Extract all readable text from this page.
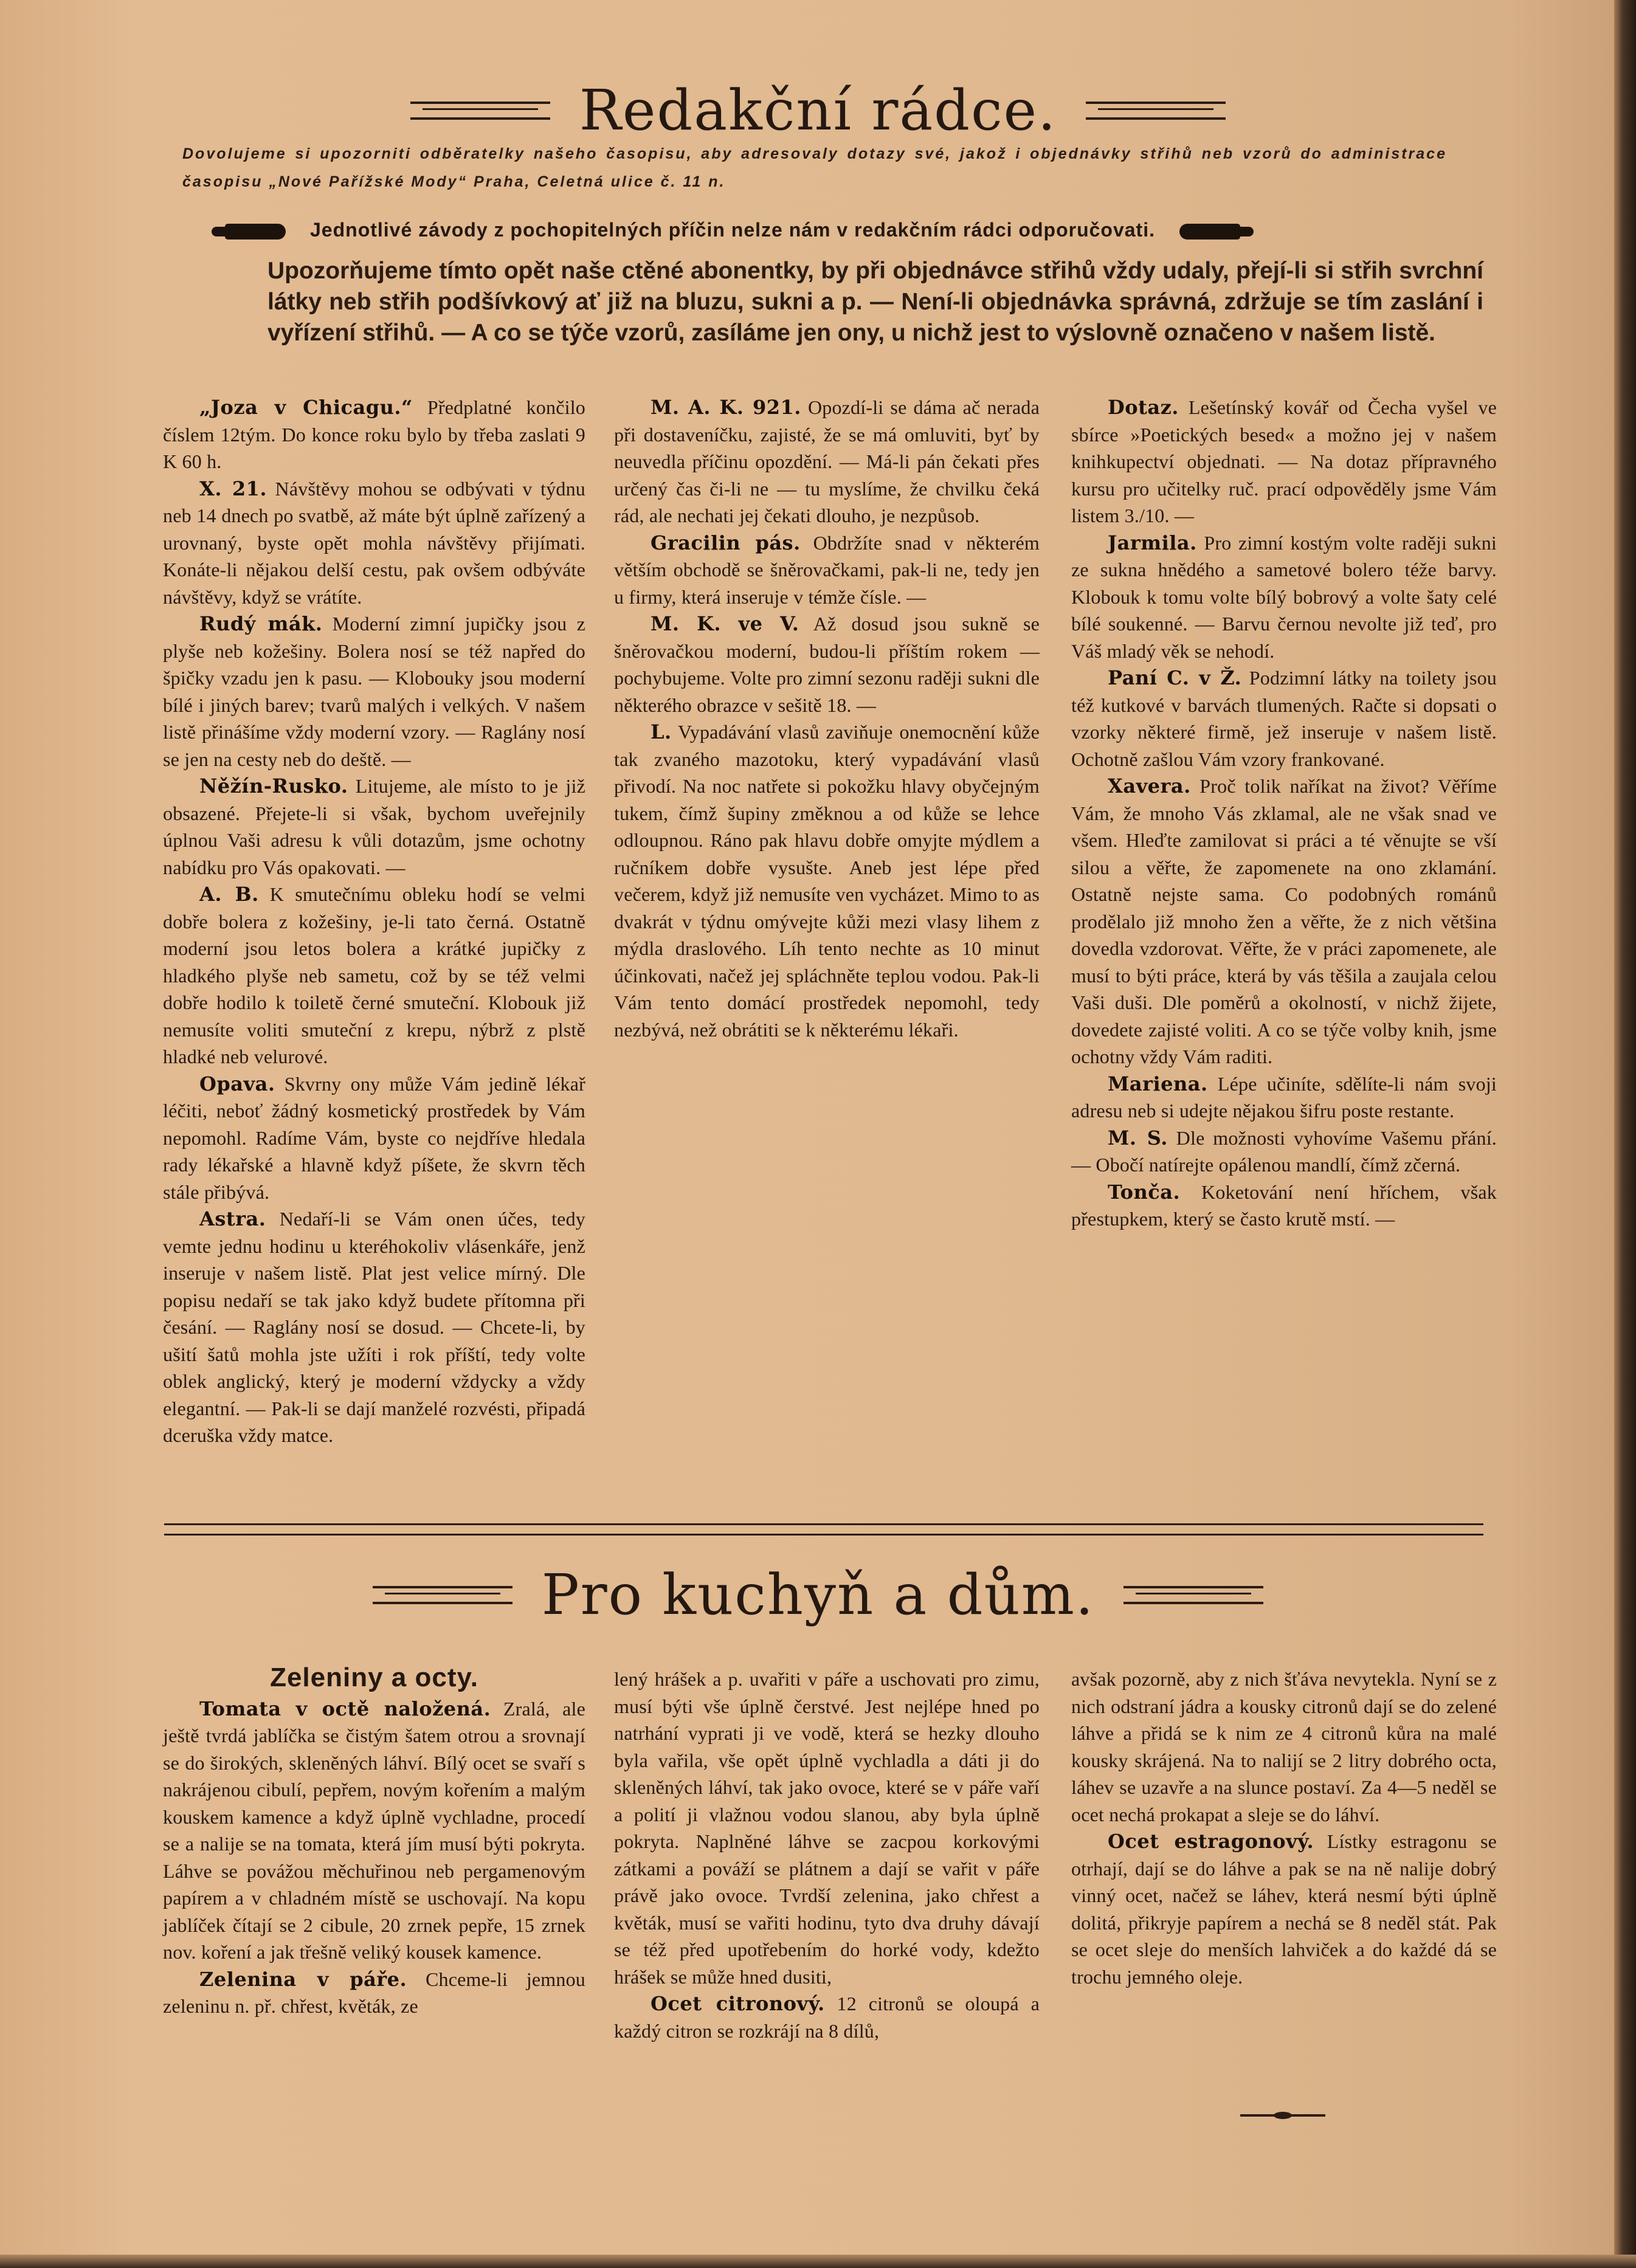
Redakční rádce.
Dovolujeme si upozorniti odběratelky našeho časopisu, aby adresovaly dotazy své, jakož i objednávky střihů neb vzorů do administrace časopisu „Nové Pařížské Mody“ Praha, Celetná ulice č. 11 n.
Jednotlivé závody z pochopitelných příčin nelze nám v redakčním rádci odporučovati.
Upozorňujeme tímto opět naše ctěné abonentky, by při objednávce střihů vždy udaly, přejí-li si střih svrchní látky neb střih podšívkový ať již na bluzu, sukni a p. — Není-li objednávka správná, zdržuje se tím zaslání i vyřízení střihů. — A co se týče vzorů, zasíláme jen ony, u nichž jest to výslovně označeno v našem listě.

„Joza v Chicagu.“ Předplatné končilo číslem 12tým. Do konce roku bylo by třeba zaslati 9 K 60 h.

X. 21. Návštěvy mohou se odbývati v týdnu neb 14 dnech po svatbě, až máte být úplně zařízený a urovnaný, byste opět mohla návštěvy přijímati. Konáte-li nějakou delší cestu, pak ovšem odbýváte návštěvy, když se vrátíte.

Rudý mák. Moderní zimní jupičky jsou z plyše neb kožešiny. Bolera nosí se též napřed do špičky vzadu jen k pasu. — Klobouky jsou moderní bílé i jiných barev; tvarů malých i velkých. V našem listě přinášíme vždy moderní vzory. — Raglány nosí se jen na cesty neb do deště. —

Něžín-Rusko. Litujeme, ale místo to je již obsazené. Přejete-li si však, bychom uveřejnily úplnou Vaši adresu k vůli dotazům, jsme ochotny nabídku pro Vás opakovati. —

A. B. K smutečnímu obleku hodí se velmi dobře bolera z kožešiny, je-li tato černá. Ostatně moderní jsou letos bolera a krátké jupičky z hladkého plyše neb sametu, což by se též velmi dobře hodilo k toiletě černé smuteční. Klobouk již nemusíte voliti smuteční z krepu, nýbrž z plstě hladké neb velurové.

Opava. Skvrny ony může Vám jedině lékař léčiti, neboť žádný kosmetický prostředek by Vám nepomohl. Radíme Vám, byste co nejdříve hledala rady lékařské a hlavně když píšete, že skvrn těch stále přibývá.

Astra. Nedaří-li se Vám onen účes, tedy vemte jednu hodinu u kteréhokoliv vlásenkáře, jenž inseruje v našem listě. Plat jest velice mírný. Dle popisu nedaří se tak jako když budete přítomna při česání. — Raglány nosí se dosud. — Chcete-li, by ušití šatů mohla jste užíti i rok příští, tedy volte oblek anglický, který je moderní vždycky a vždy elegantní. — Pak-li se dají manželé rozvésti, připadá dceruška vždy matce.

M. A. K. 921. Opozdí-li se dáma ač nerada při dostaveníčku, zajisté, že se má omluviti, byť by neuvedla příčinu opozdění. — Má-li pán čekati přes určený čas či-li ne — tu myslíme, že chvilku čeká rád, ale nechati jej čekati dlouho, je nezpůsob.

Gracilin pás. Obdržíte snad v některém větším obchodě se šněrovačkami, pak-li ne, tedy jen u firmy, která inseruje v témže čísle. —

M. K. ve V. Až dosud jsou sukně se šněrovačkou moderní, budou-li příštím rokem — pochybujeme. Volte pro zimní sezonu raději sukni dle některého obrazce v sešitě 18. —

L. Vypadávání vlasů zaviňuje onemocnění kůže tak zvaného mazotoku, který vypadávání vlasů přivodí. Na noc natřete si pokožku hlavy obyčejným tukem, čímž šupiny změknou a od kůže se lehce odloupnou. Ráno pak hlavu dobře omyjte mýdlem a ručníkem dobře vysušte. Aneb jest lépe před večerem, když již nemusíte ven vycházet. Mimo to as dvakrát v týdnu omývejte kůži mezi vlasy lihem z mýdla draslového. Líh tento nechte as 10 minut účinkovati, načež jej spláchněte teplou vodou. Pak-li Vám tento domácí prostředek nepomohl, tedy nezbývá, než obrátiti se k některému lékaři.

Dotaz. Lešetínský kovář od Čecha vyšel ve sbírce »Poetických besed« a možno jej v našem knihkupectví objednati. — Na dotaz přípravného kursu pro učitelky ruč. prací odpověděly jsme Vám listem 3./10. —

Jarmila. Pro zimní kostým volte raději sukni ze sukna hnědého a sametové bolero téže barvy. Klobouk k tomu volte bílý bobrový a volte šaty celé bílé soukenné. — Barvu černou nevolte již teď, pro Váš mladý věk se nehodí.

Paní C. v Ž. Podzimní látky na toilety jsou též kutkové v barvách tlumených. Račte si dopsati o vzorky některé firmě, jež inseruje v našem listě. Ochotně zašlou Vám vzory frankované.

Xavera. Proč tolik naříkat na život? Věříme Vám, že mnoho Vás zklamal, ale ne však snad ve všem. Hleďte zamilovat si práci a té věnujte se vší silou a věřte, že zapomenete na ono zklamání. Ostatně nejste sama. Co podobných románů prodělalo již mnoho žen a věřte, že z nich většina dovedla vzdorovat. Věřte, že v práci zapomenete, ale musí to býti práce, která by vás těšila a zaujala celou Vaši duši. Dle poměrů a okolností, v nichž žijete, dovedete zajisté voliti. A co se týče volby knih, jsme ochotny vždy Vám raditi.

Mariena. Lépe učiníte, sdělíte-li nám svoji adresu neb si udejte nějakou šifru poste restante.

M. S. Dle možnosti vyhovíme Vašemu přání. — Obočí natírejte opálenou mandlí, čímž zčerná.

Tonča. Koketování není hříchem, však přestupkem, který se často krutě mstí. —

Pro kuchyň a dům.
Zeleniny a octy.

Tomata v octě naložená. Zralá, ale ještě tvrdá jablíčka se čistým šatem otrou a srovnají se do širokých, skleněných láhví. Bílý ocet se svaří s nakrájenou cibulí, pepřem, novým kořením a malým kouskem kamence a když úplně vychladne, procedí se a nalije se na tomata, která jím musí býti pokryta. Láhve se povážou měchuřinou neb pergamenovým papírem a v chladném místě se uschovají. Na kopu jablíček čítají se 2 cibule, 20 zrnek pepře, 15 zrnek nov. koření a jak třešně veliký kousek kamence.

Zelenina v páře. Chceme-li jemnou zeleninu n. př. chřest, květák, ze

lený hrášek a p. uvařiti v páře a uschovati pro zimu, musí býti vše úplně čerstvé. Jest nejlépe hned po natrhání vyprati ji ve vodě, která se hezky dlouho byla vařila, vše opět úplně vychladla a dáti ji do skleněných láhví, tak jako ovoce, které se v páře vaří a polití ji vlažnou vodou slanou, aby byla úplně pokryta. Naplněné láhve se zacpou korkovými zátkami a pováží se plátnem a dají se vařit v páře právě jako ovoce. Tvrdší zelenina, jako chřest a květák, musí se vařiti hodinu, tyto dva druhy dávají se též před upotřebením do horké vody, kdežto hrášek se může hned dusiti,

Ocet citronový. 12 citronů se oloupá a každý citron se rozkrájí na 8 dílů,

avšak pozorně, aby z nich šťáva nevytekla. Nyní se z nich odstraní jádra a kousky citronů dají se do zelené láhve a přidá se k nim ze 4 citronů kůra na malé kousky skrájená. Na to nalijí se 2 litry dobrého octa, láhev se uzavře a na slunce postaví. Za 4—5 neděl se ocet nechá prokapat a sleje se do láhví.

Ocet estragonový. Lístky estragonu se otrhají, dají se do láhve a pak se na ně nalije dobrý vinný ocet, načež se láhev, která nesmí býti úplně dolitá, přikryje papírem a nechá se 8 neděl stát. Pak se ocet sleje do menších lahviček a do každé dá se trochu jemného oleje.
